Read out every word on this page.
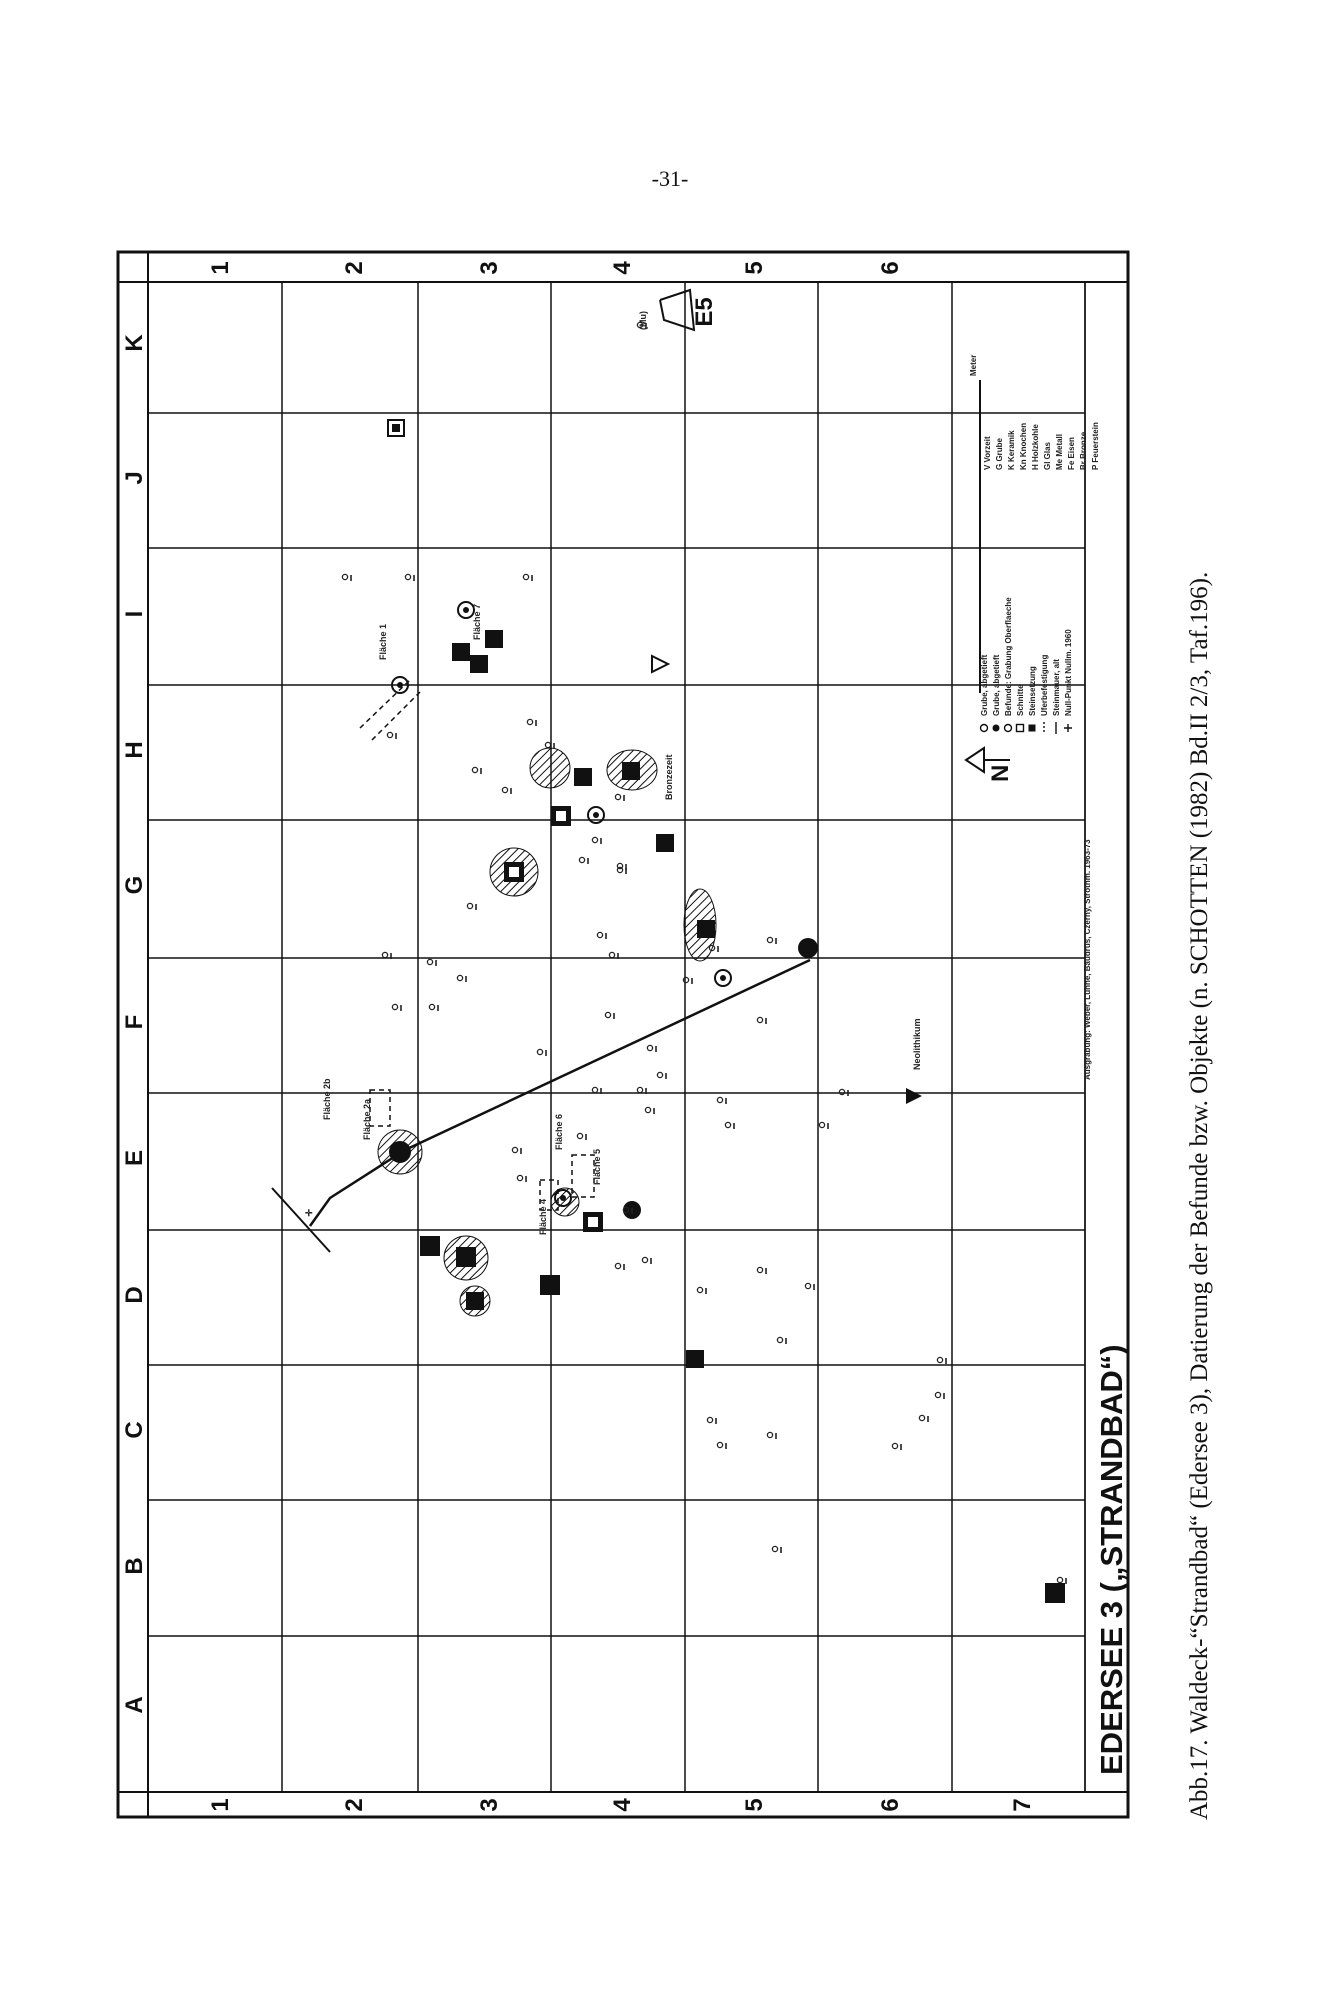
-31-
A
B
C
D
E
F
G
H
I
J
K
1	2	3	4	5	6	7
1	2	3	4	5	6
E5
✛
Fläche 1
Fläche 2a
Fläche 2b
Fläche 4
Fläche 5
Fläche 6
Fläche 7
Bronzezeit
Neolithikum
(Mu)
N
Grube, abgetieft Grube, abgetieft Befunde: Grabung Oberflaeche Schnitte Steinsetzung Uferbefestigung Steinmauer, alt Null-Punkt Nullm. 1960
Meter
V Vorzeit G Grube K Keramik Kn Knochen H Holzkohle Gl Glas Me Metall Fe Eisen Br Bronze P Feuerstein
Ausgrabung: Weber, Luhne, Baudrus, Czerny, Strothm. 1963-73
EDERSEE 3 („STRANDBAD“) Abb.17. Waldeck-“Strandbad“ (Edersee 3), Datierung der Befunde bzw. Objekte (n. SCHOTTEN (1982) Bd.II 2/3, Taf.196).
